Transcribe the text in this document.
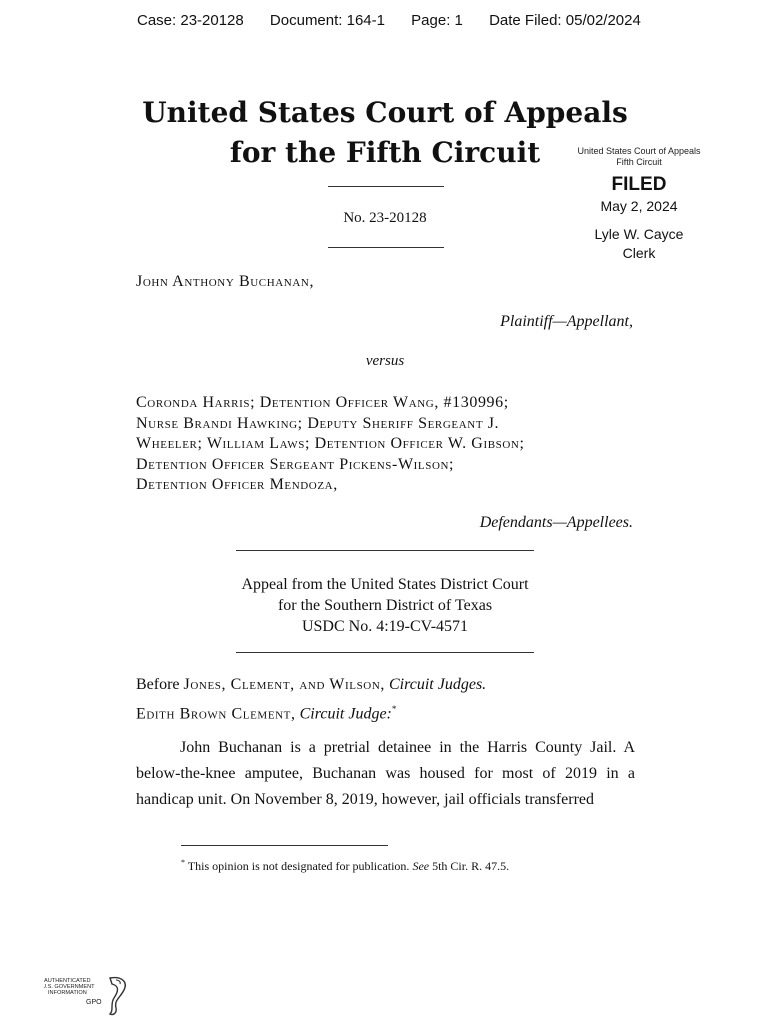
Case: 23-20128 Document: 164-1 Page: 1 Date Filed: 05/02/2024
United States Court of Appeals
for the Fifth Circuit	United States Court of Appeals
Fifth Circuit
FILED
May 2, 2024
Lyle W. Cayce
Clerk
No. 23-20128
John Anthony Buchanan,
Plaintiff—Appellant,
versus
Coronda Harris; Detention Officer Wang, #130996;
Nurse Brandi Hawking; Deputy Sheriff Sergeant J.
Wheeler; William Laws; Detention Officer W. Gibson;
Detention Officer Sergeant Pickens-Wilson;
Detention Officer Mendoza,
Defendants—Appellees.
Appeal from the United States District Court
for the Southern District of Texas
USDC No. 4:19-CV-4571
Before Jones, Clement, and Wilson, Circuit Judges.
Edith Brown Clement, Circuit Judge:*
John Buchanan is a pretrial detainee in the Harris County Jail. A below-the-knee amputee, Buchanan was housed for most of 2019 in a handicap unit. On November 8, 2019, however, jail officials transferred
* This opinion is not designated for publication. See 5th Cir. R. 47.5.
AUTHENTICATED
U.S. GOVERNMENT
INFORMATION
GPO
